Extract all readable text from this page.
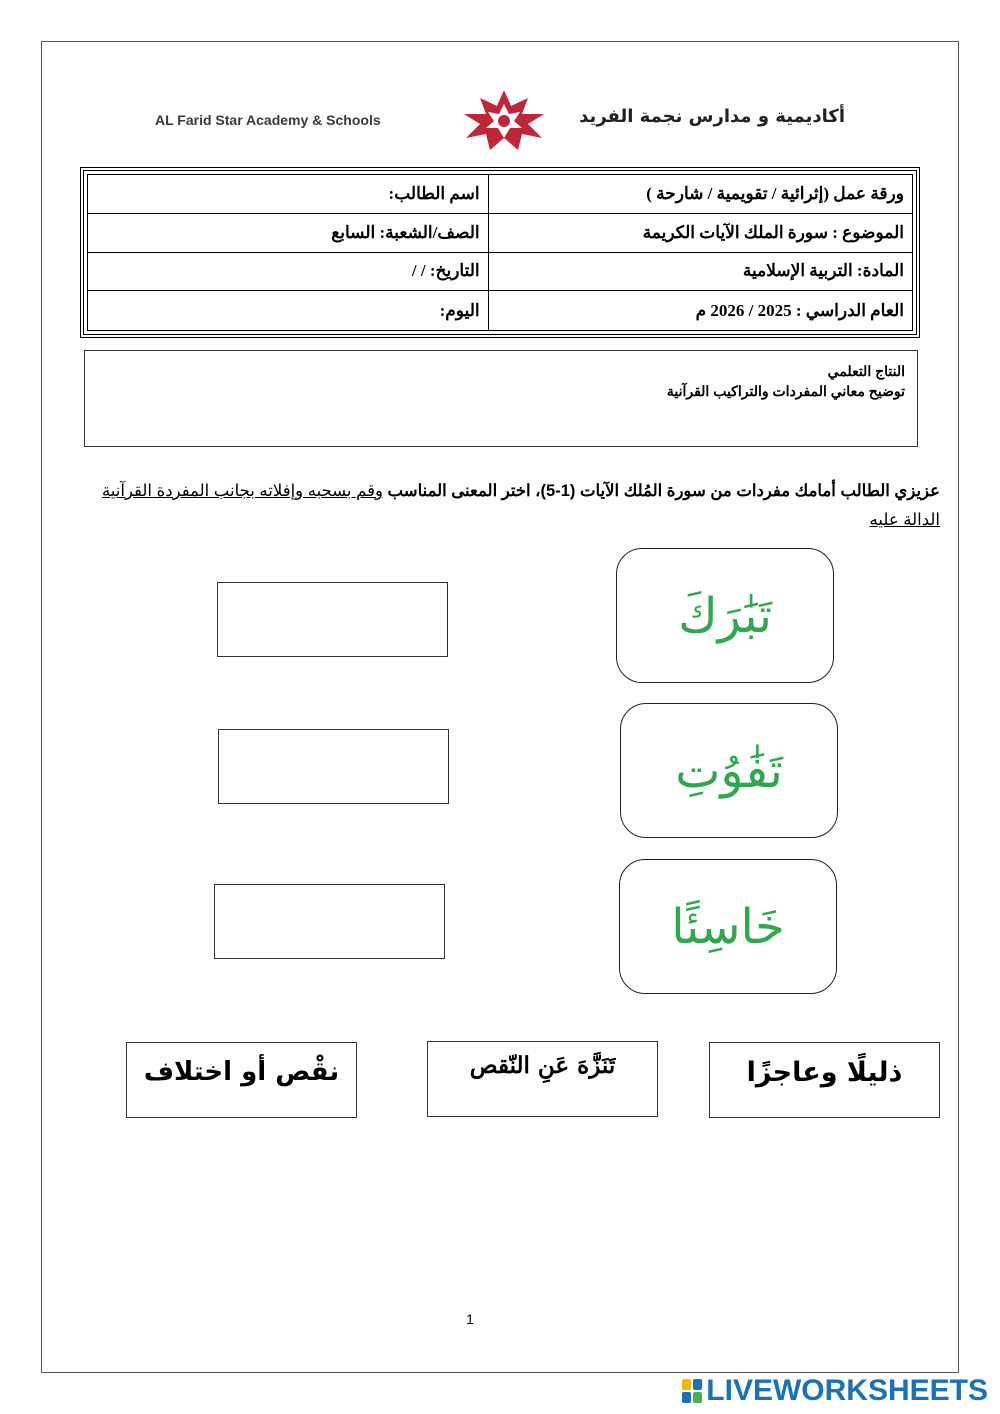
AL Farid Star Academy & Schools	أكاديمية و مدارس نجمة الفريد
ورقة عمل (إثرائية / تقويمية / شارحة )
اسم الطالب:
الموضوع : سورة الملك الآيات الكريمة
الصف/الشعبة: السابع
المادة: التربية الإسلامية
التاريخ: / /
العام الدراسي : 2025 / 2026 م
اليوم:
النتاج التعلمي
توضيح معاني المفردات والتراكيب القرآنية
عزيزي الطالب أمامك مفردات من سورة المُلك الآيات (1-5)، اختر المعنى المناسب وقم بسحبه وإفلاته بجانب المفردة القرآنية الدالة عليه
تَبَٰرَكَ
تَفَٰوُتِ
خَاسِئًا
ذليلًا وعاجزًا
تَنَزَّهَ عَنِ النّقص
نقْص أو اختلاف
1
LIVEWORKSHEETS
